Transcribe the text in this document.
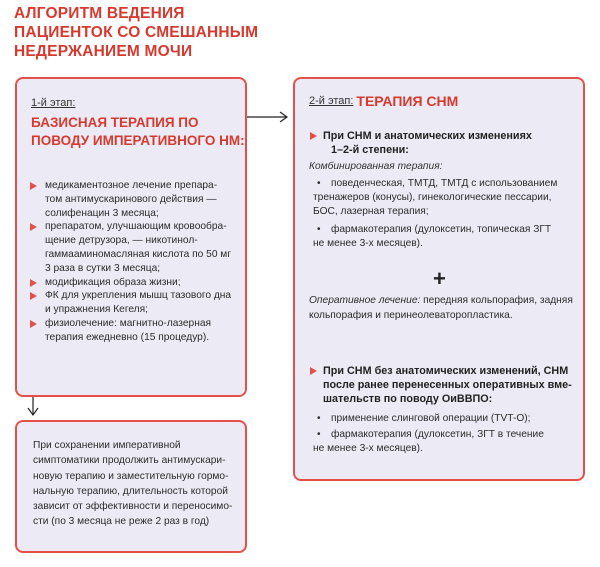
АЛГОРИТМ ВЕДЕНИЯ
ПАЦИЕНТОК СО СМЕШАННЫМ
НЕДЕРЖАНИЕМ МОЧИ
1-й этап:
БАЗИСНАЯ ТЕРАПИЯ ПО
ПОВОДУ ИМПЕРАТИВНОГО НМ:
медикаментозное лечение препара-
том антимускаринового действия —
солифенацин 3 месяца;
препаратом, улучшающим кровообра-
щение детрузора, — никотинол-
гаммааминомасляная кислота по 50 мг
3 раза в сутки 3 месяца;
модификация образа жизни;
ФК для укрепления мышц тазового дна
и упражнения Кегеля;
физиолечение: магнитно-лазерная
терапия ежедневно (15 процедур).
2-й этап: ТЕРАПИЯ СНМ
При СНМ и анатомических изменениях
1–2-й степени:
Комбинированная терапия:
•	поведенческая, ТМТД, ТМТД с использованием
тренажеров (конусы), гинекологические пессарии,
БОС, лазерная терапия;
•	фармакотерапия (дулоксетин, топическая ЗГТ
не менее 3-х месяцев).
+
Оперативное лечение: передняя кольпорафия, задняя
кольпорафия и перинеолеваторопластика.
При СНМ без анатомических изменений, СНМ
после ранее перенесенных оперативных вме-
шательств по поводу ОиВВПО:
•	применение слинговой операции (TVT-O);
•	фармакотерапия (дулоксетин, ЗГТ в течение
не менее 3-х месяцев).
При сохранении императивной
симптоматики продолжить антимускари-
новую терапию и заместительную гормо-
нальную терапию, длительность которой
зависит от эффективности и переносимо-
сти (по 3 месяца не реже 2 раз в год)
